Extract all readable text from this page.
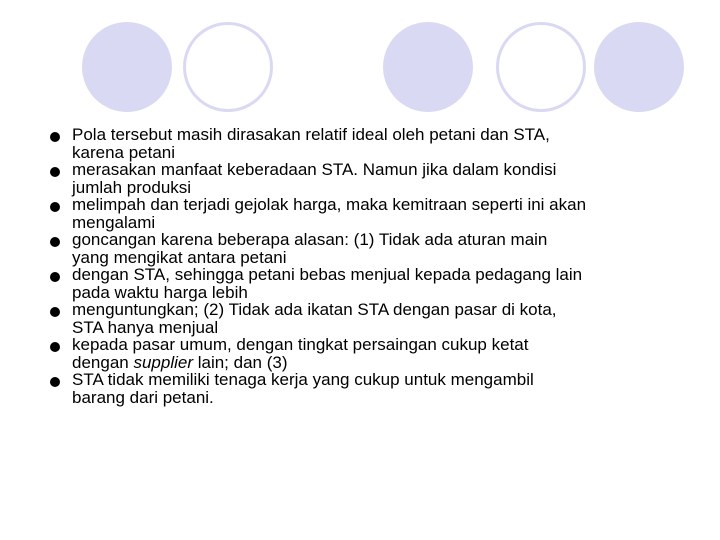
Pola tersebut masih dirasakan relatif ideal oleh petani dan STA,
karena petani
merasakan manfaat keberadaan STA. Namun jika dalam kondisi
jumlah produksi
melimpah dan terjadi gejolak harga, maka kemitraan seperti ini akan
mengalami
goncangan karena beberapa alasan: (1) Tidak ada aturan main
yang mengikat antara petani
dengan STA, sehingga petani bebas menjual kepada pedagang lain
pada waktu harga lebih
menguntungkan; (2) Tidak ada ikatan STA dengan pasar di kota,
STA hanya menjual
kepada pasar umum, dengan tingkat persaingan cukup ketat
dengan supplier lain; dan (3)
STA tidak memiliki tenaga kerja yang cukup untuk mengambil
barang dari petani.
